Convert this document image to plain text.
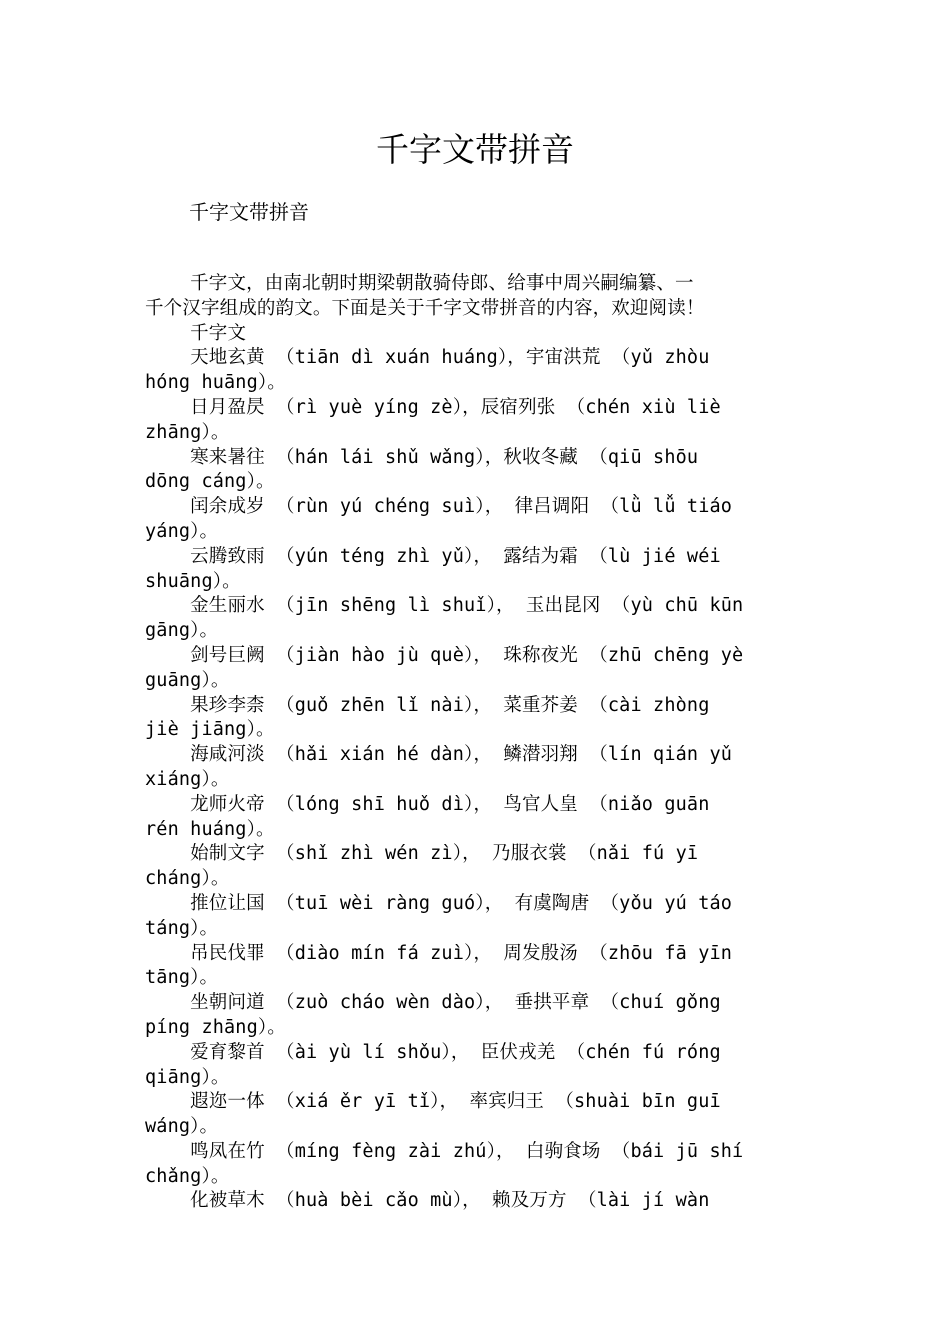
千字文带拼音

千字文带拼音

千字文，由南北朝时期梁朝散骑侍郎、给事中周兴嗣编纂、一
千个汉字组成的韵文。下面是关于千字文带拼音的内容，欢迎阅读！
千字文
天地玄黄 （tiān dì xuán huáng），宇宙洪荒 （yǔ zhòu
hóng huāng）。
日月盈昃 （rì yuè yíng zè），辰宿列张 （chén xiù liè
zhāng）。
寒来暑往 （hán lái shǔ wǎng），秋收冬藏 （qiū shōu
dōng cáng）。
闰余成岁 （rùn yú chéng suì）， 律吕调阳 （lǜ lǚ tiáo
yáng）。
云腾致雨 （yún téng zhì yǔ）， 露结为霜 （lù jié wéi
shuāng）。
金生丽水 （jīn shēng lì shuǐ）， 玉出昆冈 （yù chū kūn
gāng）。
剑号巨阙 （jiàn hào jù què）， 珠称夜光 （zhū chēng yè
guāng）。
果珍李柰 （guǒ zhēn lǐ nài）， 菜重芥姜 （cài zhòng
jiè jiāng）。
海咸河淡 （hǎi xián hé dàn）， 鳞潜羽翔 （lín qián yǔ
xiáng）。
龙师火帝 （lóng shī huǒ dì）， 鸟官人皇 （niǎo guān
rén huáng）。
始制文字 （shǐ zhì wén zì）， 乃服衣裳 （nǎi fú yī
cháng）。
推位让国 （tuī wèi ràng guó）， 有虞陶唐 （yǒu yú táo
táng）。
吊民伐罪 （diào mín fá zuì）， 周发殷汤 （zhōu fā yīn
tāng）。
坐朝问道 （zuò cháo wèn dào）， 垂拱平章 （chuí gǒng
píng zhāng）。
爱育黎首 （ài yù lí shǒu）， 臣伏戎羌 （chén fú róng
qiāng）。
遐迩一体 （xiá ěr yī tǐ）， 率宾归王 （shuài bīn guī
wáng）。
鸣凤在竹 （míng fèng zài zhú）， 白驹食场 （bái jū shí
chǎng）。
化被草木 （huà bèi cǎo mù）， 赖及万方 （lài jí wàn
